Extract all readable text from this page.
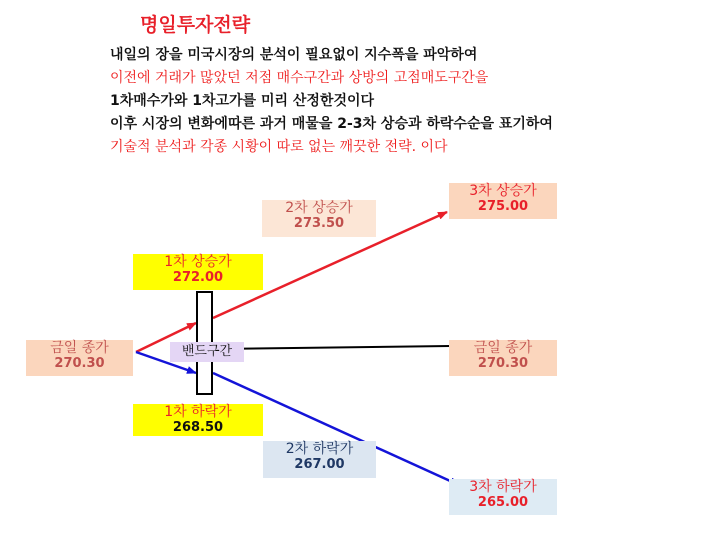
명일투자전략
내일의 장을 미국시장의 분석이 필요없이 지수폭을 파악하여
이전에 거래가 많았던 저점 매수구간과 상방의 고점매도구간을
1차매수가와 1차고가를 미리 산정한것이다
이후 시장의 변화에따른 과거 매물을 2-3차 상승과 하락수순을 표기하여
기술적 분석과 각종 시황이 따로 없는 깨끗한 전략. 이다
밴드구간
금일 종가
270.30
금일 종가
270.30
1차 상승가
272.00
2차 상승가
273.50
3차 상승가
275.00
1차 하락가
268.50
2차 하락가
267.00
3차 하락가
265.00
